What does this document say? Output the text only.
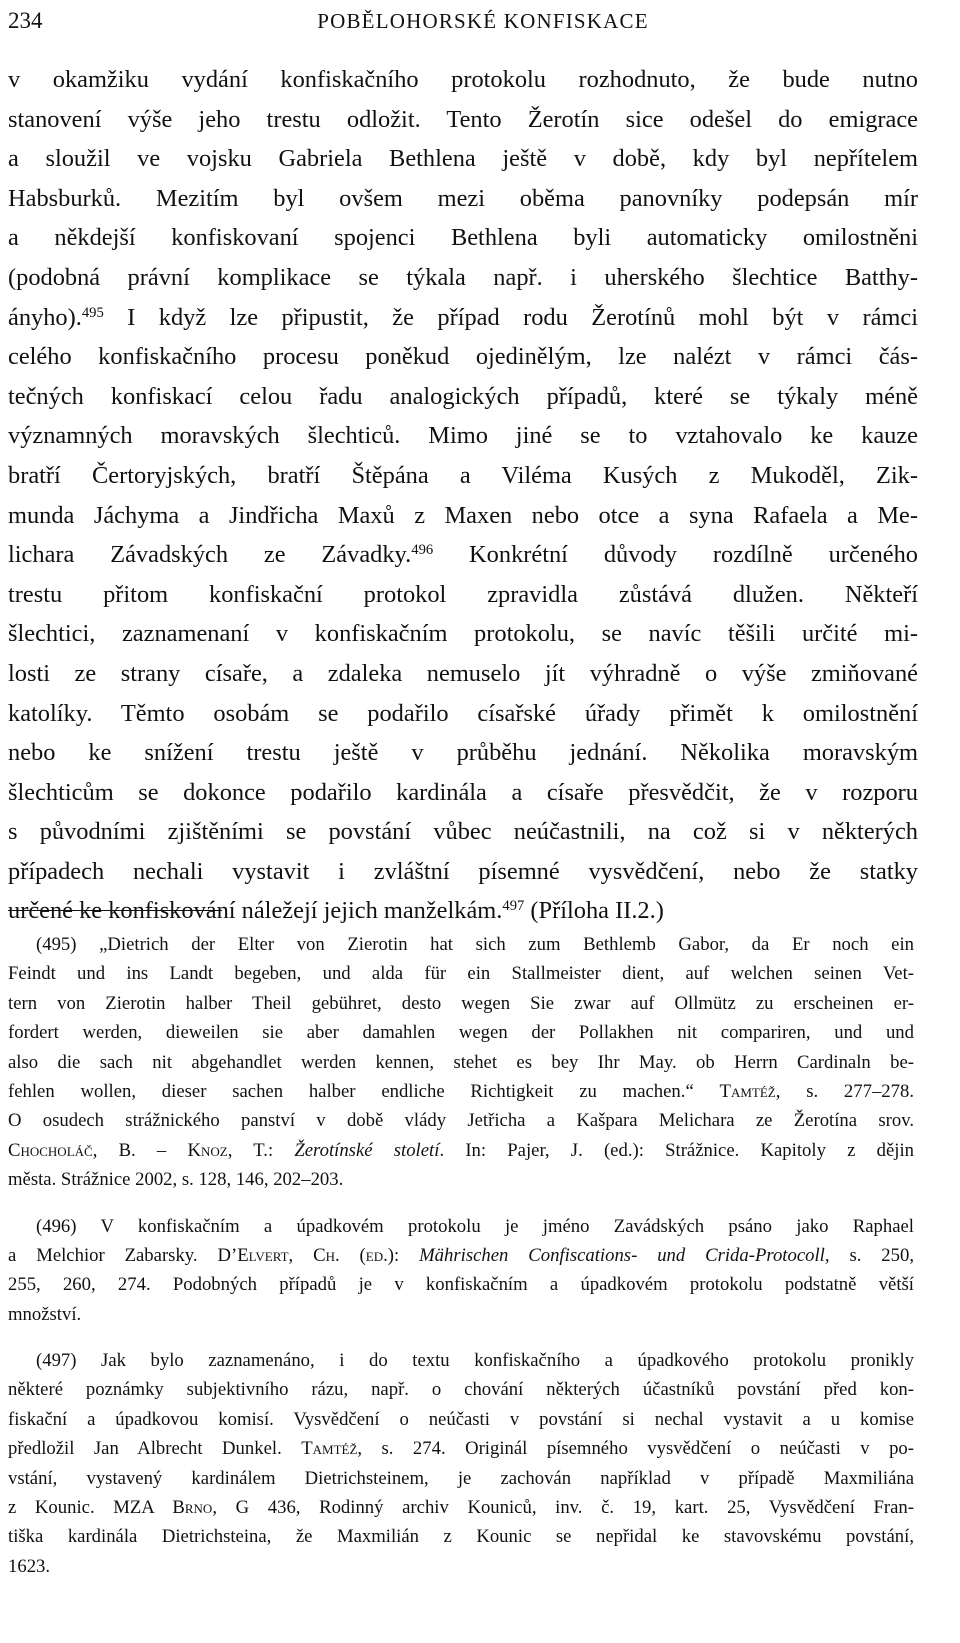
234	POBĚLOHORSKÉ KONFISKACE
v okamžiku vydání konfiskačního protokolu rozhodnuto, že bude nutno
stanovení výše jeho trestu odložit. Tento Žerotín sice odešel do emigrace
a sloužil ve vojsku Gabriela Bethlena ještě v době, kdy byl nepřítelem
Habsburků. Mezitím byl ovšem mezi oběma panovníky podepsán mír
a někdejší konfiskovaní spojenci Bethlena byli automaticky omilostněni
(podobná právní komplikace se týkala např. i uherského šlechtice Batthy-
ányho).$^{495}$ I když lze připustit, že případ rodu Žerotínů mohl být v rámci
celého konfiskačního procesu poněkud ojedinělým, lze nalézt v rámci čás-
tečných konfiskací celou řadu analogických případů, které se týkaly méně
významných moravských šlechticů. Mimo jiné se to vztahovalo ke kauze
bratří Čertoryjských, bratří Štěpána a Viléma Kusých z Mukoděl, Zik-
munda Jáchyma a Jindřicha Maxů z Maxen nebo otce a syna Rafaela a Me-
lichara Závadských ze Závadky.$^{496}$ Konkrétní důvody rozdílně určeného
trestu přitom konfiskační protokol zpravidla zůstává dlužen. Někteří
šlechtici, zaznamenaní v konfiskačním protokolu, se navíc těšili určité mi-
losti ze strany císaře, a zdaleka nemuselo jít výhradně o výše zmiňované
katolíky. Těmto osobám se podařilo císařské úřady přimět k omilostnění
nebo ke snížení trestu ještě v průběhu jednání. Několika moravským
šlechticům se dokonce podařilo kardinála a císaře přesvědčit, že v rozporu
s původními zjištěními se povstání vůbec neúčastnili, na což si v některých
případech nechali vystavit i zvláštní písemné vysvědčení, nebo že statky
určené ke konfiskování náležejí jejich manželkám.$^{497}$ (Příloha II.2.)
(495) „Dietrich der Elter von Zierotin hat sich zum Bethlemb Gabor, da Er noch ein
Feindt und ins Landt begeben, und alda für ein Stallmeister dient, auf welchen seinen Vet-
tern von Zierotin halber Theil gebühret, desto wegen Sie zwar auf Ollmütz zu erscheinen er-
fordert werden, dieweilen sie aber damahlen wegen der Pollakhen nit compariren, und und
also die sach nit abgehandlet werden kennen, stehet es bey Ihr May. ob Herrn Cardinaln be-
fehlen wollen, dieser sachen halber endliche Richtigkeit zu machen.“ Tamtéž, s. 277–278.
O osudech strážnického panství v době vlády Jetřicha a Kašpara Melichara ze Žerotína srov.
Chocholáč, B. – Knoz, T.: Žerotínské století. In: Pajer, J. (ed.): Strážnice. Kapitoly z dějin
města. Strážnice 2002, s. 128, 146, 202–203.
(496) V konfiskačním a úpadkovém protokolu je jméno Zavádských psáno jako Raphael
a Melchior Zabarsky. D’Elvert, Ch. (ed.): Mährischen Confiscations- und Crida-Protocoll, s. 250,
255, 260, 274. Podobných případů je v konfiskačním a úpadkovém protokolu podstatně větší
množství.
(497) Jak bylo zaznamenáno, i do textu konfiskačního a úpadkového protokolu pronikly
některé poznámky subjektivního rázu, např. o chování některých účastníků povstání před kon-
fiskační a úpadkovou komisí. Vysvědčení o neúčasti v povstání si nechal vystavit a u komise
předložil Jan Albrecht Dunkel. Tamtéž, s. 274. Originál písemného vysvědčení o neúčasti v po-
vstání, vystavený kardinálem Dietrichsteinem, je zachován například v případě Maxmiliána
z Kounic. MZA Brno, G 436, Rodinný archiv Kouniců, inv. č. 19, kart. 25, Vysvědčení Fran-
tiška kardinála Dietrichsteina, že Maxmilián z Kounic se nepřidal ke stavovskému povstání,
1623.
